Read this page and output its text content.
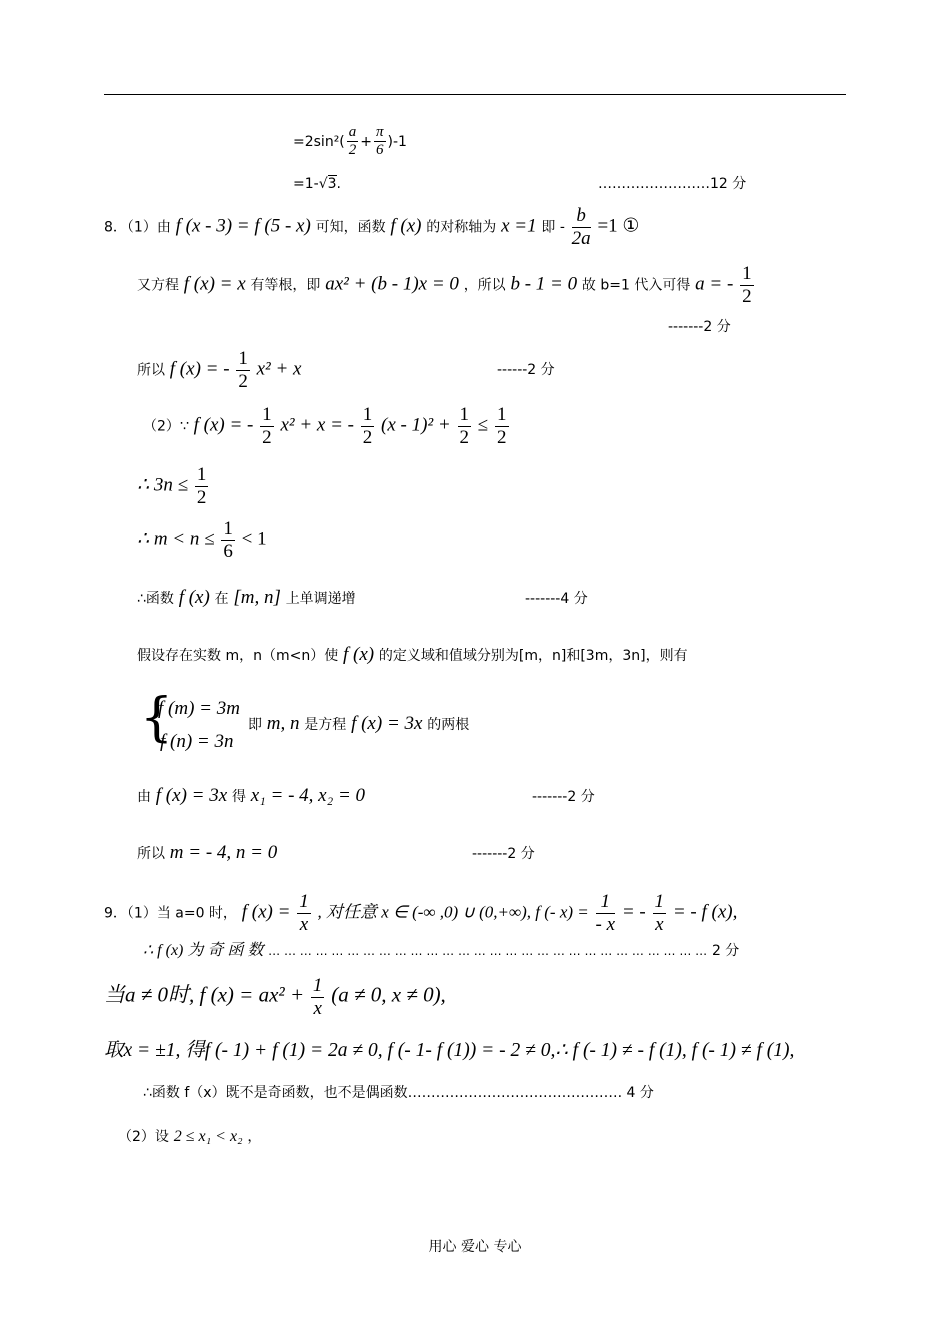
$=2\sin^2( \frac{a}{2} + \frac{\pi}{6} )-1$
=1-√3.	……………………12 分
8．（1）由 f (x - 3) = f (5 - x) 可知，函数 f (x) 的对称轴为 x =1 即 - $\frac{b}{2a} =1$ ①
又方程 f (x) = x 有等根，即 ax² + (b - 1)x = 0 ，所以 b - 1 = 0 故 b=1 代入可得 a = - $\frac{1}{2}$
-------2 分
所以 f (x) = - $\frac{1}{2} x^2 + x$	------2 分
（2）∵ f (x) = - $\frac{1}{2} x^2 + x$ = - $\frac{1}{2} (x - 1)^2 + \frac{1}{2} \le \frac{1}{2}$
∴ $3n \le \frac{1}{2}$
∴ $m < n \le \frac{1}{6} < 1$
∴函数 f (x) 在 [m, n] 上单调递增	-------4 分
假设存在实数 m，n（m<n）使 f (x) 的定义域和值域分别为[m，n]和[3m，3n]，则有
{
f (m) = 3m
f (n) = 3n
即 m, n 是方程 f (x) = 3x 的两根
由 f (x) = 3x 得 x₁ = - 4, x₂ = 0	-------2 分
所以 m = - 4, n = 0	-------2 分
9．（1）当 a=0 时， f $(x) = \frac{1}{x}$ , 对任意 x ∈ (-∞ ,0) ∪ (0,+∞), f (- $x) = \frac{1}{- x}$ = - $\frac{1}{x}$ = - f (x),
∴ f (x) 为 奇 函 数 … … … … … … … … … … … … … … … … … … … … … … … … … … … … 2 分
当a ≠ 0时, f $(x) = ax^2 + \frac{1}{x} (a \ne 0$, x ≠ 0),
取x = ±1, 得f (- 1) + f (1) = 2a ≠ 0, f (- 1- f (1)) = - 2 ≠ 0,∴ f (- 1) ≠ - f (1), f (- 1) ≠ f (1),
∴函数 f（x）既不是奇函数，也不是偶函数………………………………………. 4 分
（2）设 2 ≤ x₁ < x₂ ，
用心 爱心 专心
